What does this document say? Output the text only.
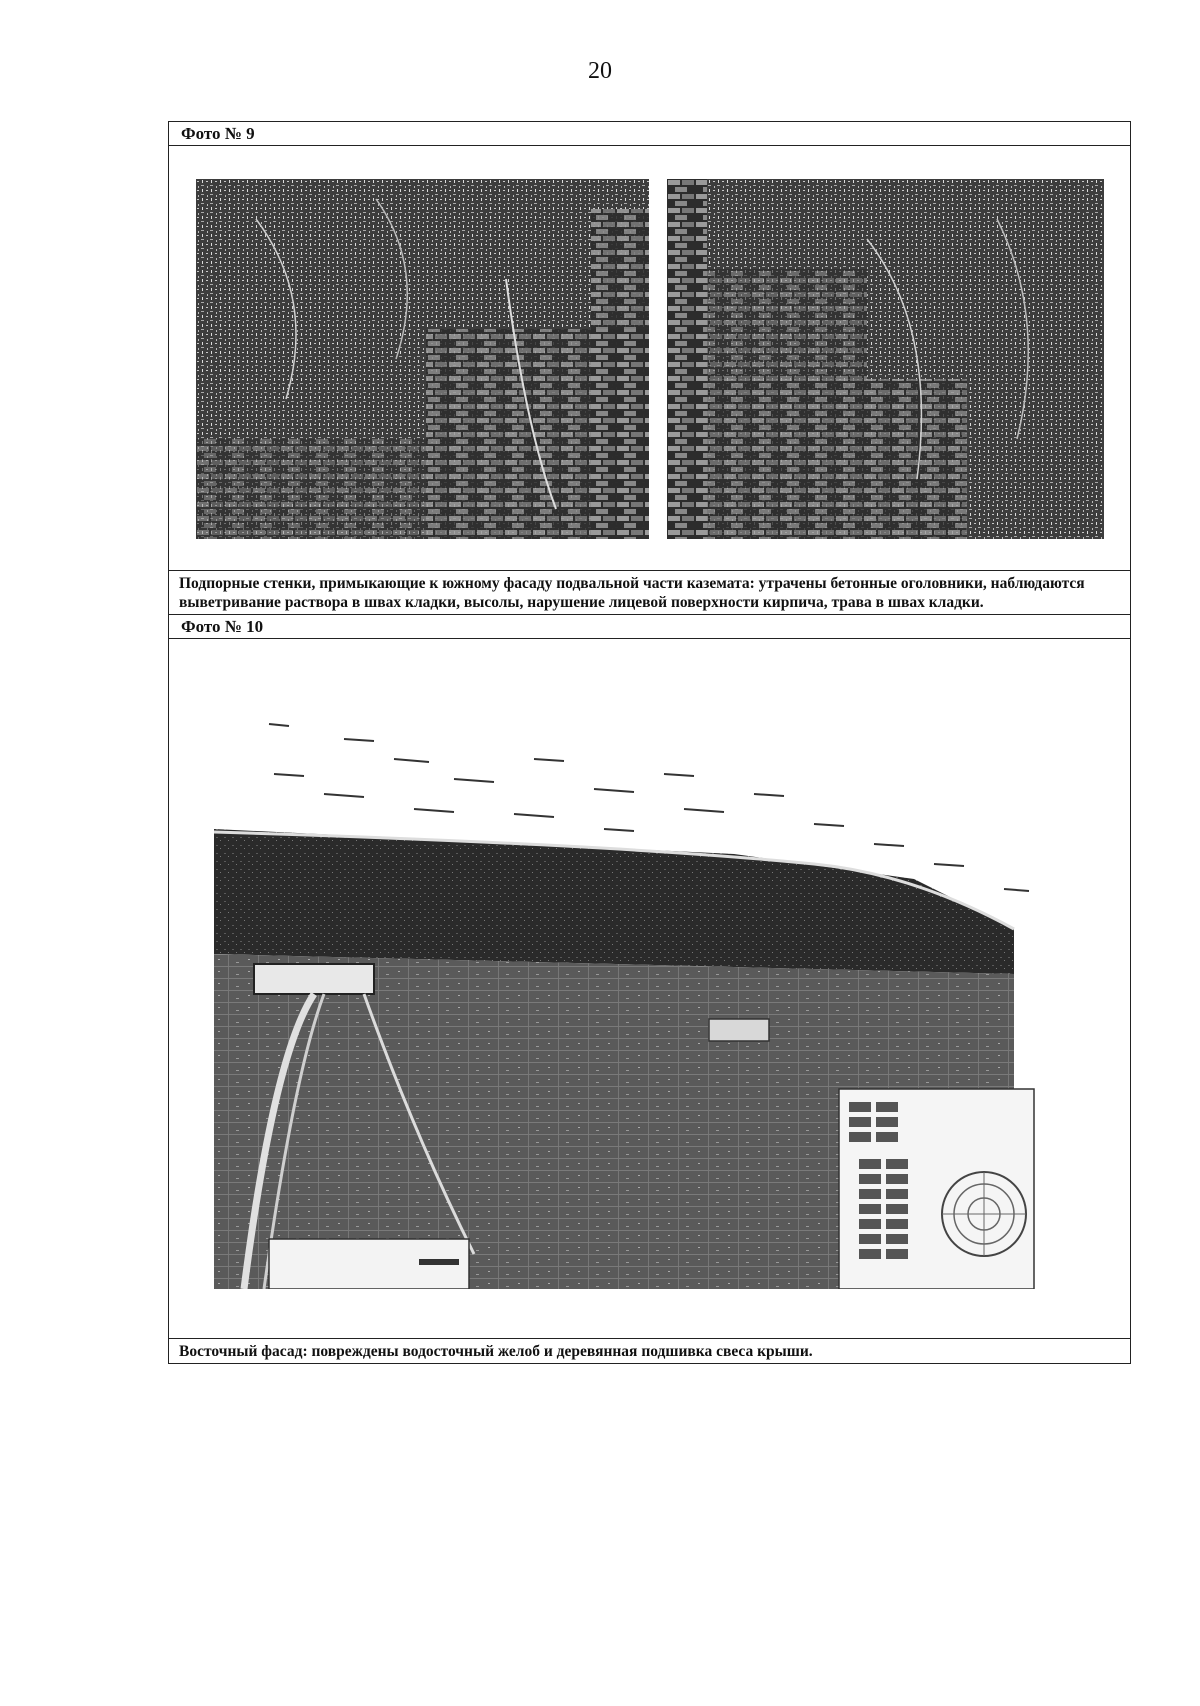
20
Фото № 9
Подпорные стенки, примыкающие к южному фасаду подвальной части каземата: утрачены бетонные оголовники, наблюдаются выветривание раствора в швах кладки, высолы, нарушение лицевой поверхности кирпича, трава в швах кладки.
Фото № 10
Восточный фасад: повреждены водосточный желоб и деревянная подшивка свеса крыши.
